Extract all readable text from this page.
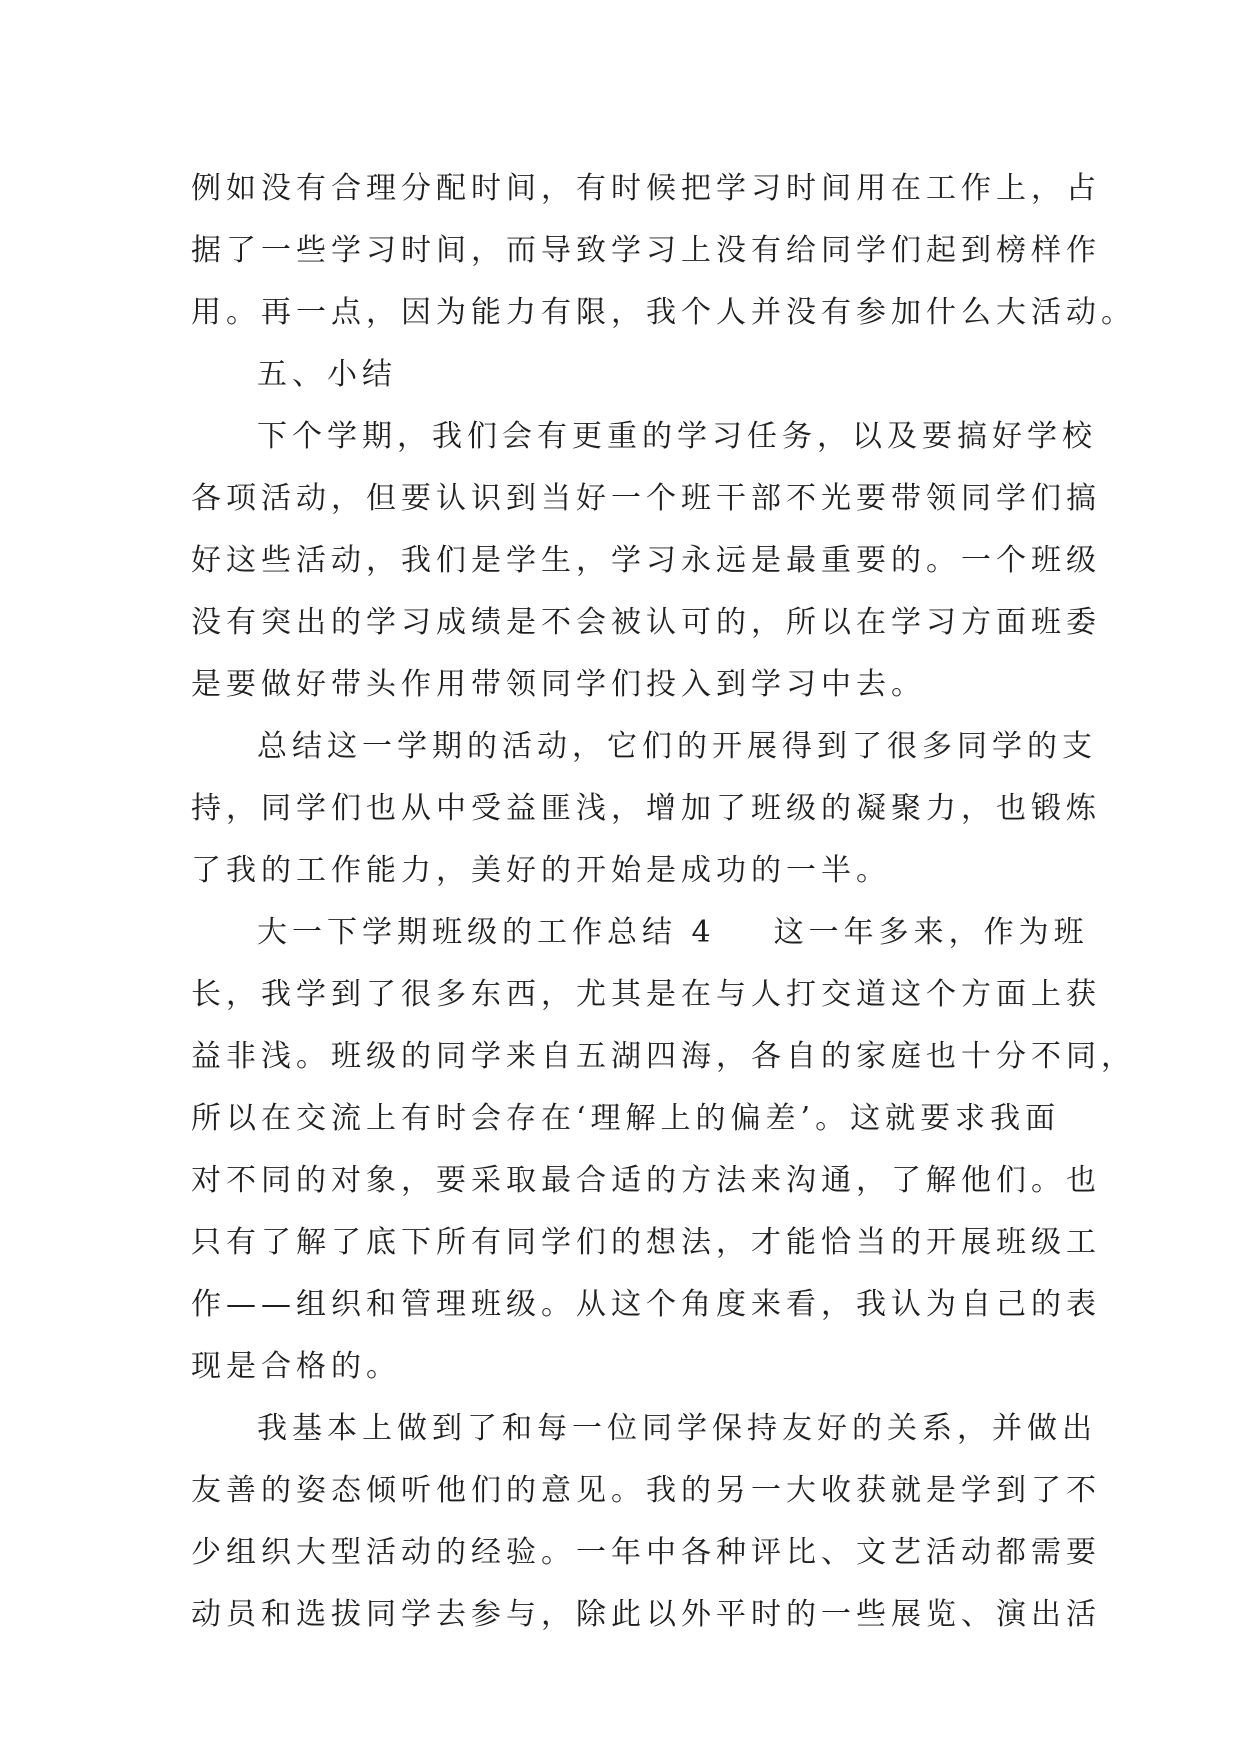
例如没有合理分配时间，有时候把学习时间用在工作上，占
据了一些学习时间，而导致学习上没有给同学们起到榜样作
用。再一点，因为能力有限，我个人并没有参加什么大活动。
五、小结
下个学期，我们会有更重的学习任务，以及要搞好学校
各项活动，但要认识到当好一个班干部不光要带领同学们搞
好这些活动，我们是学生，学习永远是最重要的。一个班级
没有突出的学习成绩是不会被认可的，所以在学习方面班委
是要做好带头作用带领同学们投入到学习中去。
总结这一学期的活动，它们的开展得到了很多同学的支
持，同学们也从中受益匪浅，增加了班级的凝聚力，也锻炼
了我的工作能力，美好的开始是成功的一半。
大一下学期班级的工作总结 4 这一年多来，作为班
长，我学到了很多东西，尤其是在与人打交道这个方面上获
益非浅。班级的同学来自五湖四海，各自的家庭也十分不同，
所以在交流上有时会存在‘理解上的偏差’。这就要求我面
对不同的对象，要采取最合适的方法来沟通，了解他们。也
只有了解了底下所有同学们的想法，才能恰当的开展班级工
作——组织和管理班级。从这个角度来看，我认为自己的表
现是合格的。
我基本上做到了和每一位同学保持友好的关系，并做出
友善的姿态倾听他们的意见。我的另一大收获就是学到了不
少组织大型活动的经验。一年中各种评比、文艺活动都需要
动员和选拔同学去参与，除此以外平时的一些展览、演出活
